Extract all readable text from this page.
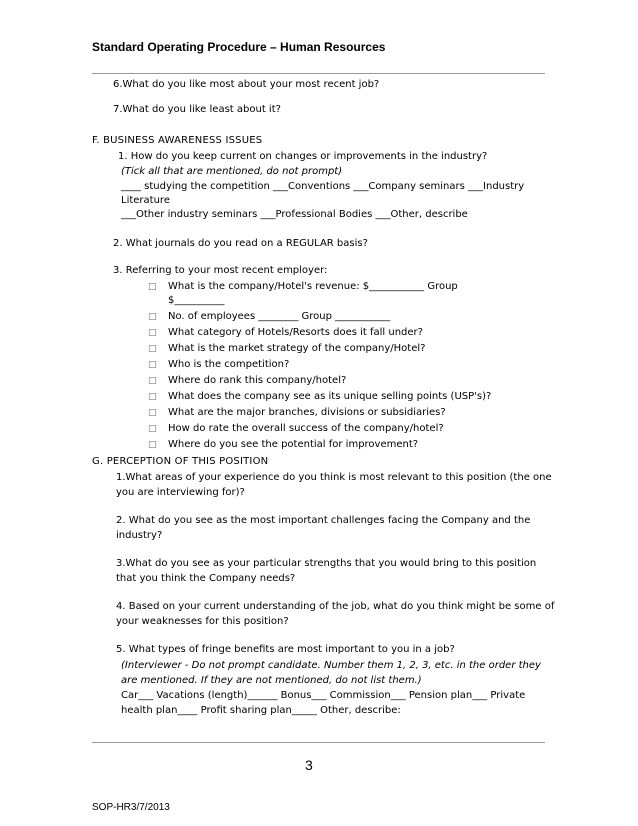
Standard Operating Procedure – Human Resources
6.What do you like most about your most recent job?
7.What do you like least about it?
F. BUSINESS AWARENESS ISSUES
1. How do you keep current on changes or improvements in the industry?
(Tick all that are mentioned, do not prompt)
____ studying the competition ___Conventions ___Company seminars ___Industry
Literature
___Other industry seminars ___Professional Bodies ___Other, describe
2. What journals do you read on a REGULAR basis?
3. Referring to your most recent employer:
□	What is the company/Hotel's revenue: $___________ Group
$__________
□	No. of employees ________ Group ___________
□	What category of Hotels/Resorts does it fall under?
□	What is the market strategy of the company/Hotel?
□	Who is the competition?
□	Where do rank this company/hotel?
□	What does the company see as its unique selling points (USP's)?
□	What are the major branches, divisions or subsidiaries?
□	How do rate the overall success of the company/hotel?
□	Where do you see the potential for improvement?
G. PERCEPTION OF THIS POSITION
1.What areas of your experience do you think is most relevant to this position (the one
you are interviewing for)?
2. What do you see as the most important challenges facing the Company and the
industry?
3.What do you see as your particular strengths that you would bring to this position
that you think the Company needs?
4. Based on your current understanding of the job, what do you think might be some of
your weaknesses for this position?
5. What types of fringe benefits are most important to you in a job?
(Interviewer - Do not prompt candidate. Number them 1, 2, 3, etc. in the order they
are mentioned. If they are not mentioned, do not list them.)
Car___ Vacations (length)______ Bonus___ Commission___ Pension plan___ Private
health plan____ Profit sharing plan_____ Other, describe:
3
SOP-HR3/7/2013
